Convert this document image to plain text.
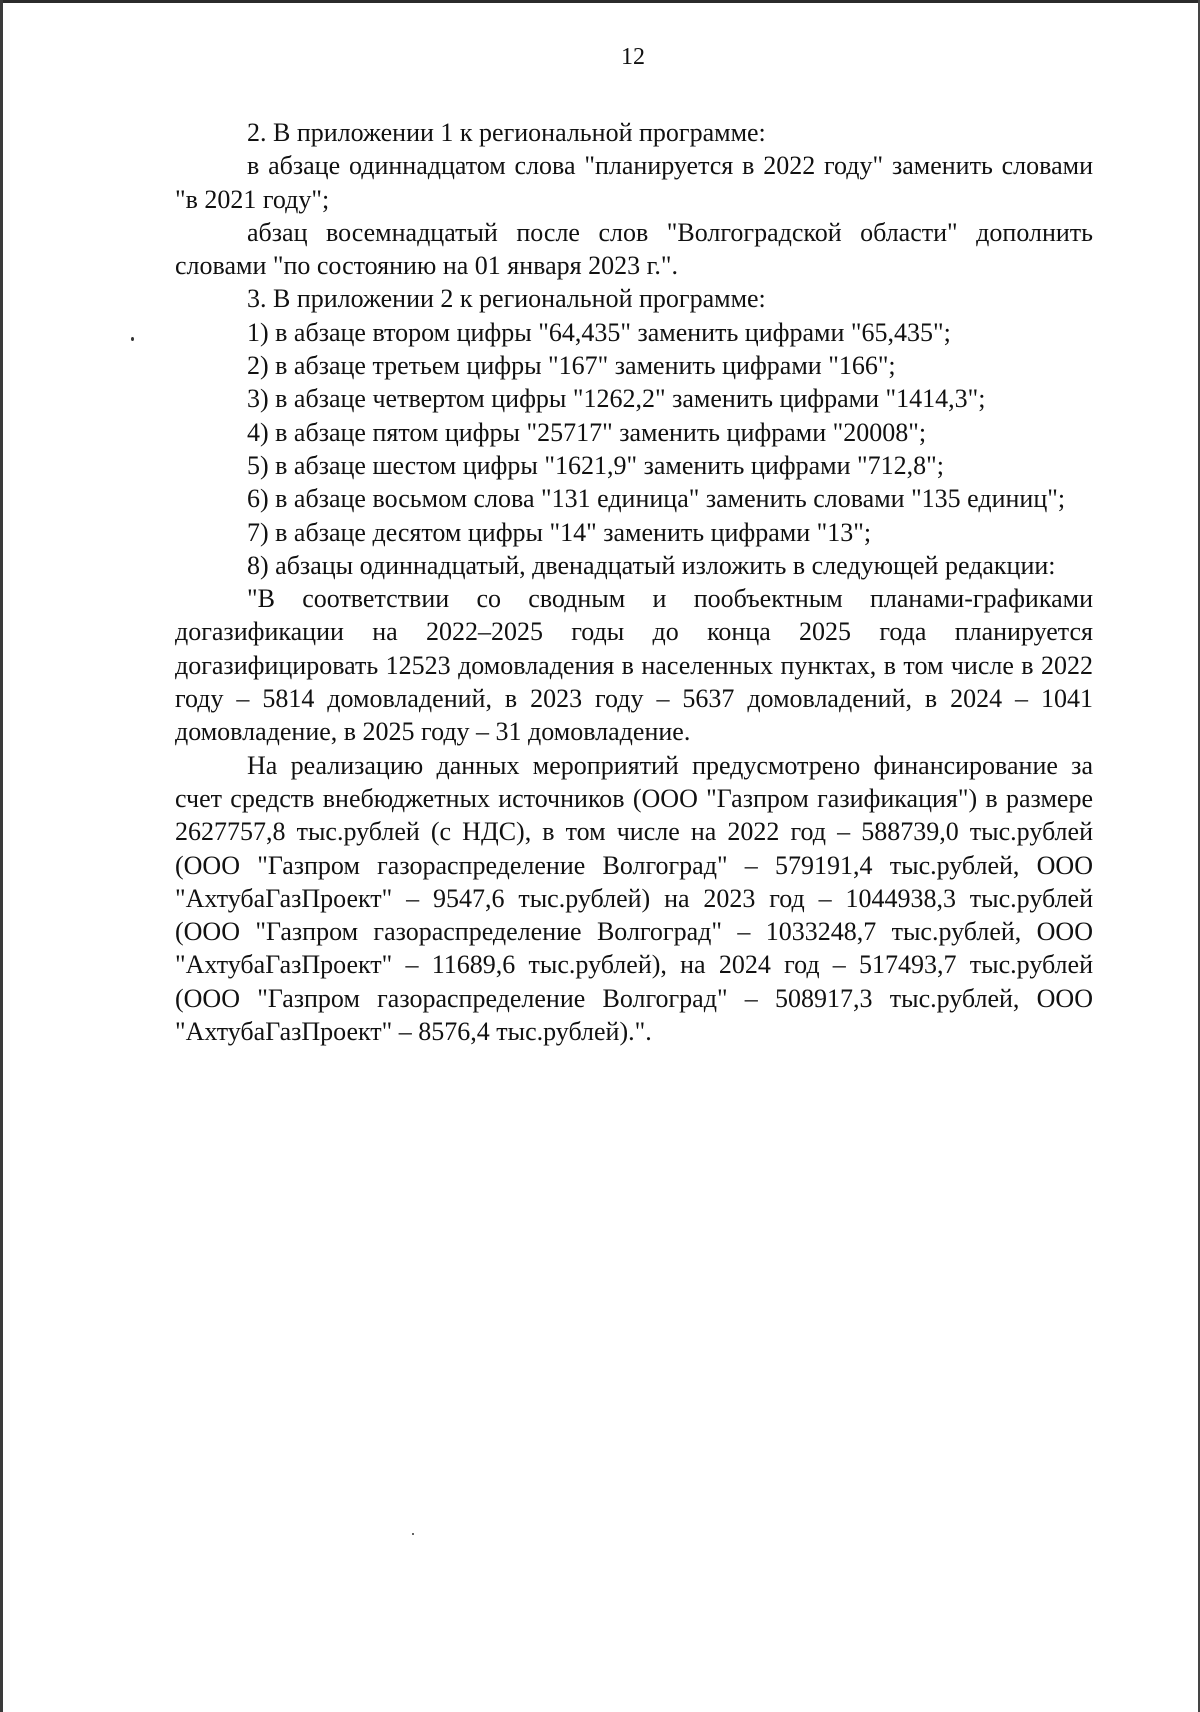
12

2. В приложении 1 к региональной программе:

в абзаце одиннадцатом слова "планируется в 2022 году" заменить словами "в 2021 году";

абзац восемнадцатый после слов "Волгоградской области" дополнить словами "по состоянию на 01 января 2023 г.".

3. В приложении 2 к региональной программе:

1) в абзаце втором цифры "64,435" заменить цифрами "65,435";

2) в абзаце третьем цифры "167" заменить цифрами "166";

3) в абзаце четвертом цифры "1262,2" заменить цифрами "1414,3";

4) в абзаце пятом цифры "25717" заменить цифрами "20008";

5) в абзаце шестом цифры "1621,9" заменить цифрами "712,8";

6) в абзаце восьмом слова "131 единица" заменить словами "135 единиц";

7) в абзаце десятом цифры "14" заменить цифрами "13";

8) абзацы одиннадцатый, двенадцатый изложить в следующей редакции:

"В соответствии со сводным и пообъектным планами-графиками догазификации на 2022–2025 годы до конца 2025 года планируется догазифицировать 12523 домовладения в населенных пунктах, в том числе в 2022 году – 5814 домовладений, в 2023 году – 5637 домовладений, в 2024 – 1041 домовладение, в 2025 году – 31 домовладение.

На реализацию данных мероприятий предусмотрено финансирование за счет средств внебюджетных источников (ООО "Газпром газификация") в размере 2627757,8 тыс.рублей (с НДС), в том числе на 2022 год – 588739,0 тыс.рублей (ООО "Газпром газораспределение Волгоград" – 579191,4 тыс.рублей, ООО "АхтубаГазПроект" – 9547,6 тыс.рублей) на 2023 год – 1044938,3 тыс.рублей (ООО "Газпром газораспределение Волгоград" – 1033248,7 тыс.рублей, ООО "АхтубаГазПроект" – 11689,6 тыс.рублей), на 2024 год – 517493,7 тыс.рублей (ООО "Газпром газораспределение Волгоград" – 508917,3 тыс.рублей, ООО "АхтубаГазПроект" – 8576,4 тыс.рублей).".
